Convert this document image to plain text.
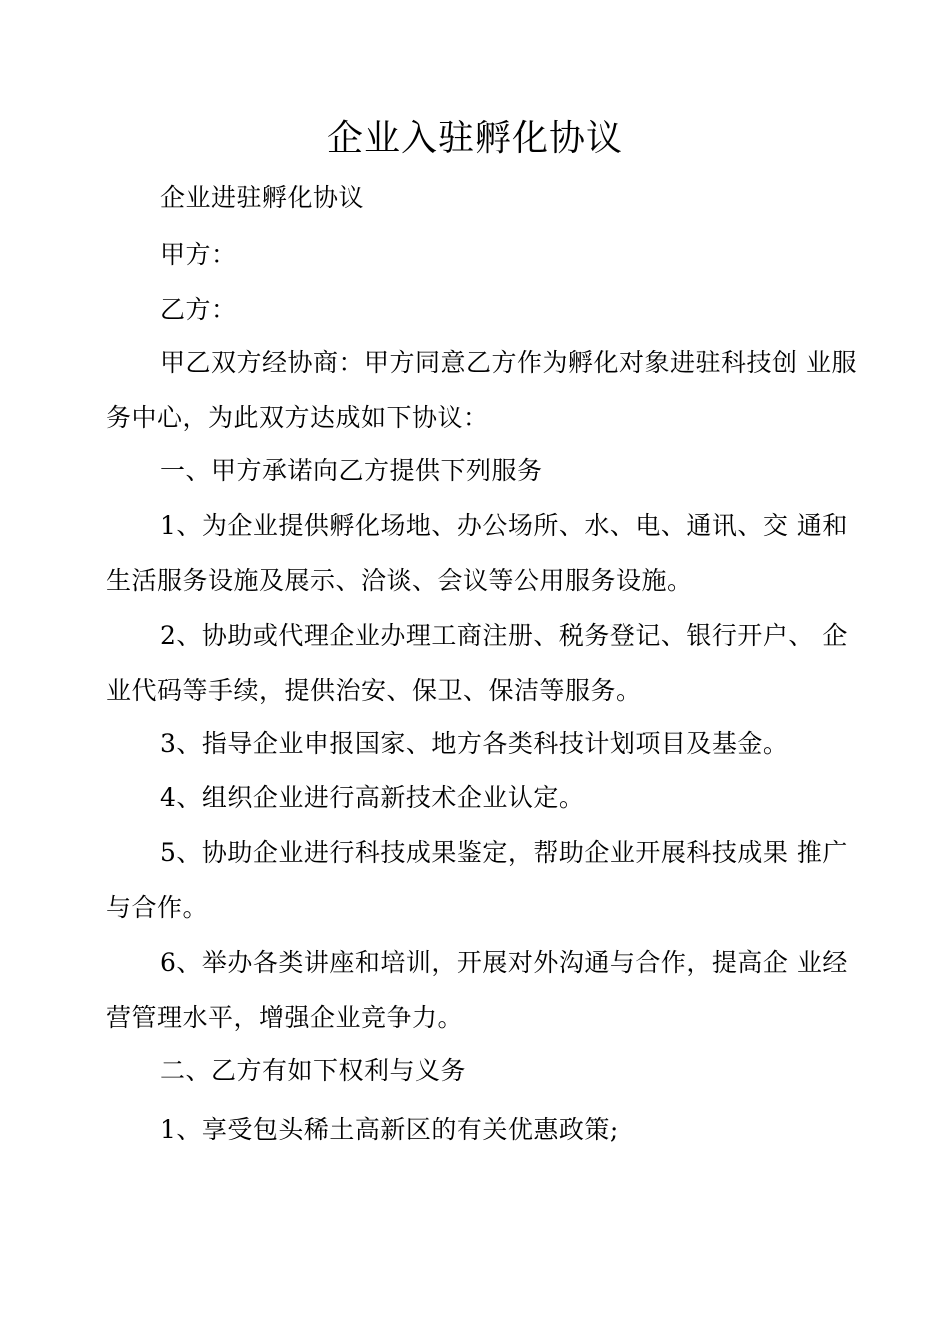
企业入驻孵化协议

企业进驻孵化协议

甲方：

乙方：

甲乙双方经协商：甲方同意乙方作为孵化对象进驻科技创 业服务中心，为此双方达成如下协议：

一、甲方承诺向乙方提供下列服务

1、为企业提供孵化场地、办公场所、水、电、通讯、交 通和生活服务设施及展示、洽谈、会议等公用服务设施。

2、协助或代理企业办理工商注册、税务登记、银行开户、 企业代码等手续，提供治安、保卫、保洁等服务。

3、指导企业申报国家、地方各类科技计划项目及基金。

4、组织企业进行高新技术企业认定。

5、协助企业进行科技成果鉴定，帮助企业开展科技成果 推广与合作。

6、举办各类讲座和培训，开展对外沟通与合作，提高企 业经营管理水平，增强企业竞争力。

二、乙方有如下权利与义务

1、享受包头稀土高新区的有关优惠政策;
